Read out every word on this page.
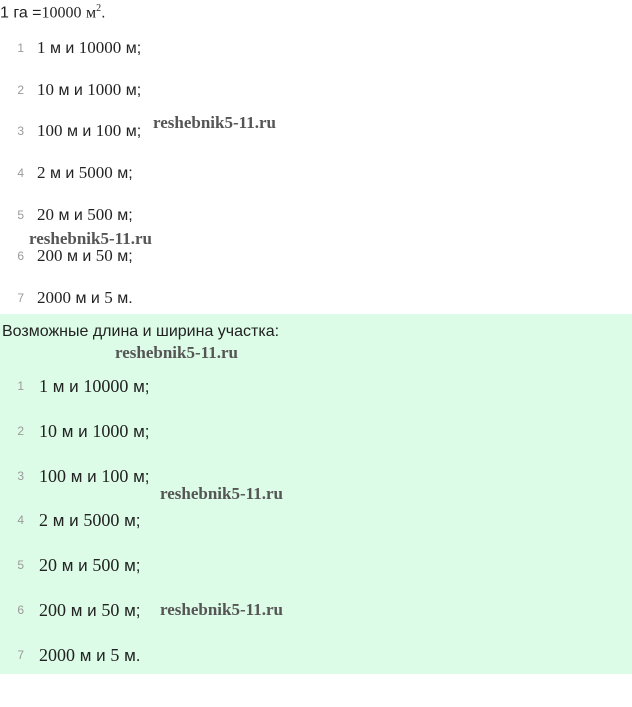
1 га =10000 $м^2$.
1 1 м и 10000 м;
2 10 м и 1000 м;
3 100 м и 100 м;
4 2 м и 5000 м;
5 20 м и 500 м;
6 200 м и 50 м;
7 2000 м и 5 м.
Возможные длина и ширина участка:
1 1 м и 10000 м;
2 10 м и 1000 м;
3 100 м и 100 м;
4 2 м и 5000 м;
5 20 м и 500 м;
6 200 м и 50 м;
7 2000 м и 5 м.
reshebnik5-11.ru
reshebnik5-11.ru
reshebnik5-11.ru
reshebnik5-11.ru
reshebnik5-11.ru
